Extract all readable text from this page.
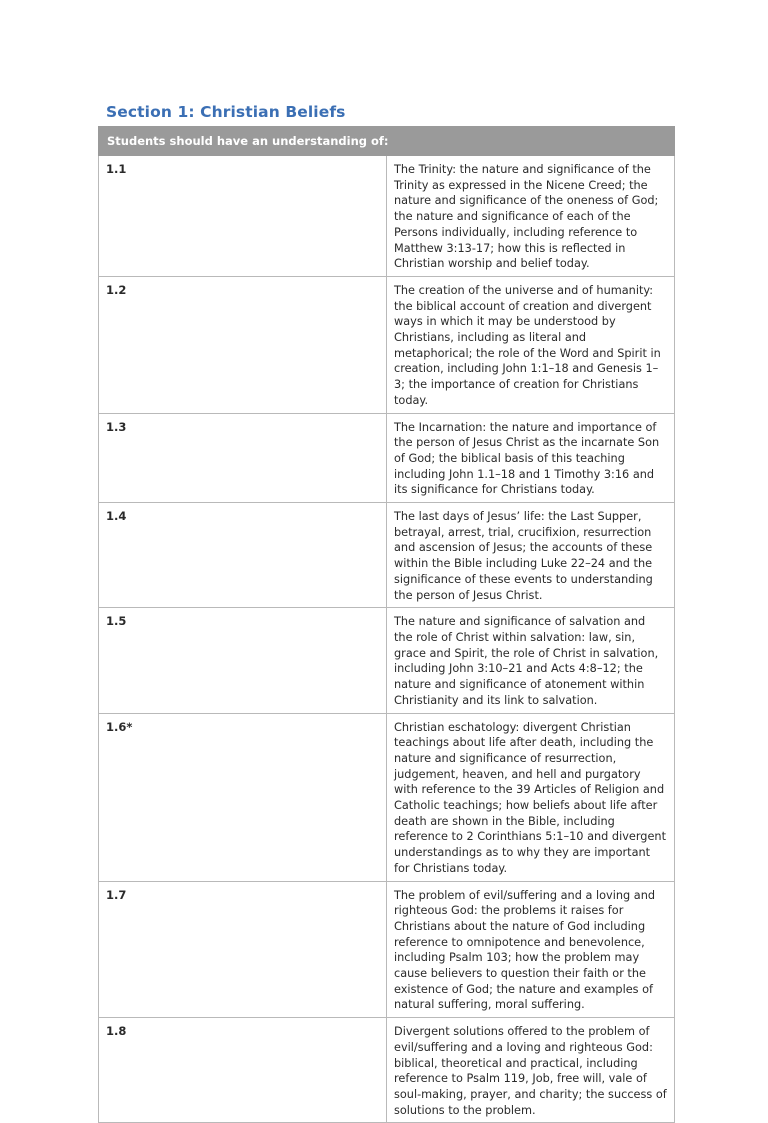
Section 1: Christian Beliefs
Students should have an understanding of:	
1.1	The Trinity: the nature and significance of the Trinity as expressed in the Nicene Creed; the nature and significance of the oneness of God; the nature and significance of each of the Persons individually, including reference to Matthew 3:13-17; how this is reflected in Christian worship and belief today.
1.2	The creation of the universe and of humanity: the biblical account of creation and divergent ways in which it may be understood by Christians, including as literal and metaphorical; the role of the Word and Spirit in creation, including John 1:1–18 and Genesis 1–3; the importance of creation for Christians today.
1.3	The Incarnation: the nature and importance of the person of Jesus Christ as the incarnate Son of God; the biblical basis of this teaching including John 1.1–18 and 1 Timothy 3:16 and its significance for Christians today.
1.4	The last days of Jesus’ life: the Last Supper, betrayal, arrest, trial, crucifixion, resurrection and ascension of Jesus; the accounts of these within the Bible including Luke 22–24 and the significance of these events to understanding the person of Jesus Christ.
1.5	The nature and significance of salvation and the role of Christ within salvation: law, sin, grace and Spirit, the role of Christ in salvation, including John 3:10–21 and Acts 4:8–12; the nature and significance of atonement within Christianity and its link to salvation.
1.6*	Christian eschatology: divergent Christian teachings about life after death, including the nature and significance of resurrection, judgement, heaven, and hell and purgatory with reference to the 39 Articles of Religion and Catholic teachings; how beliefs about life after death are shown in the Bible, including reference to 2 Corinthians 5:1–10 and divergent understandings as to why they are important for Christians today.
1.7	The problem of evil/suffering and a loving and righteous God: the problems it raises for Christians about the nature of God including reference to omnipotence and benevolence, including Psalm 103; how the problem may cause believers to question their faith or the existence of God; the nature and examples of natural suffering, moral suffering.
1.8	Divergent solutions offered to the problem of evil/suffering and a loving and righteous God: biblical, theoretical and practical, including reference to Psalm 119, Job, free will, vale of soul-making, prayer, and charity; the success of solutions to the problem.
